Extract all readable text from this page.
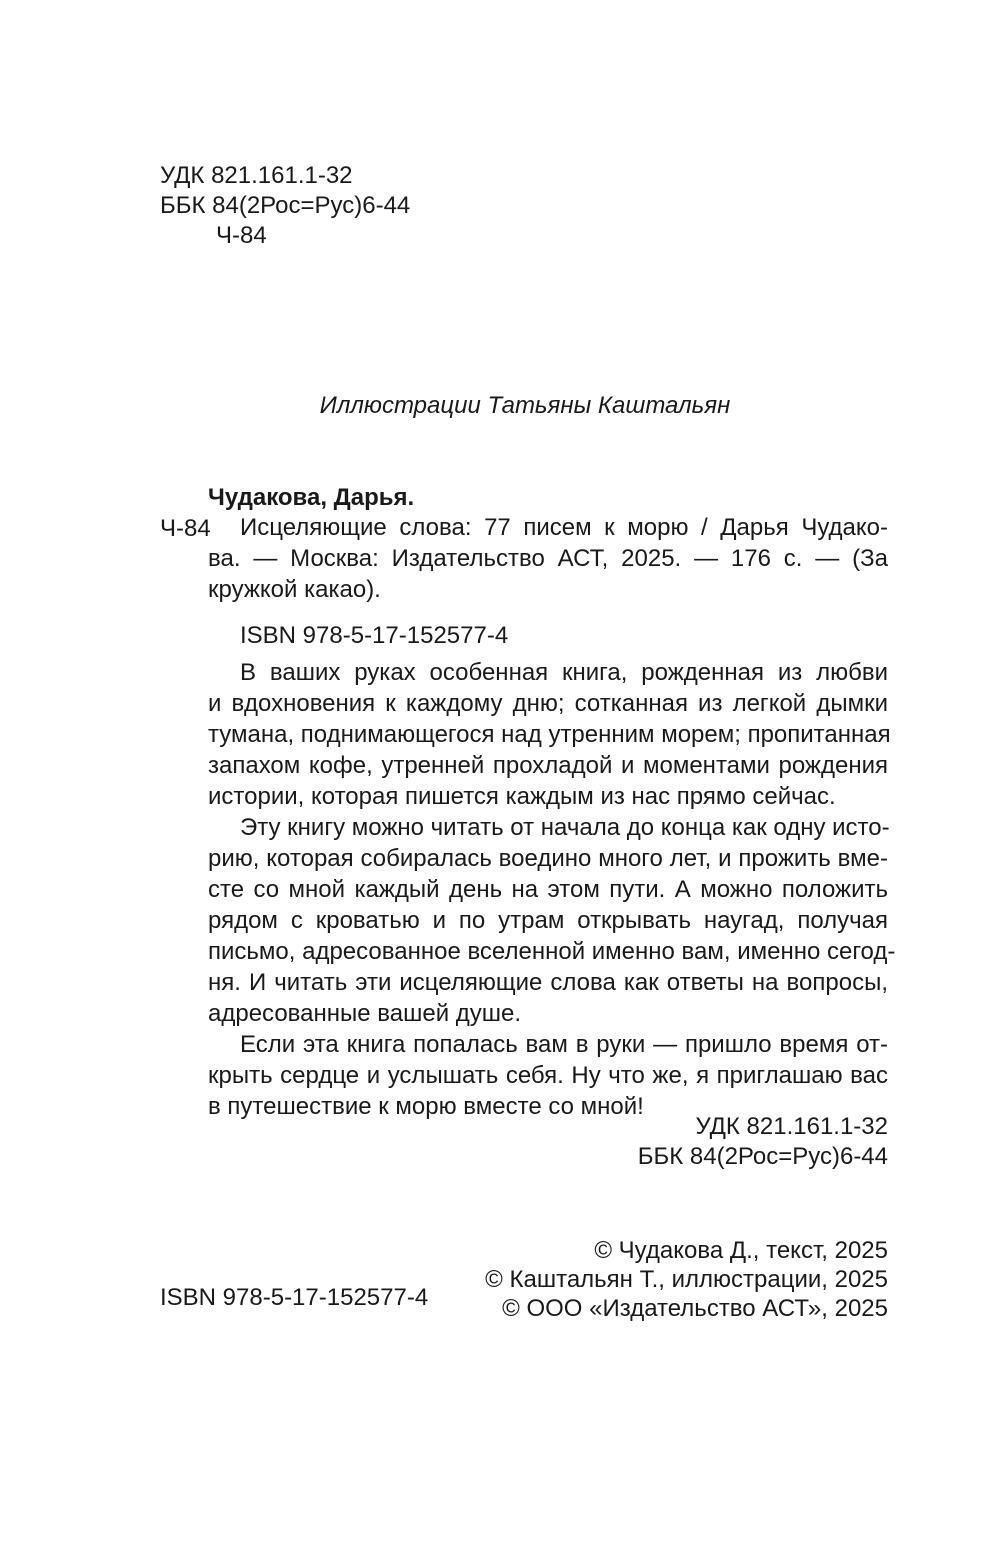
УДК 821.161.1-32
ББК 84(2Рос=Рус)6-44
Ч-84
Иллюстрации Татьяны Каштальян
Чудакова, Дарья.
Ч-84	Исцеляющие слова: 77 писем к морю / Дарья Чудако-
ва. — Москва: Издательство АСТ, 2025. — 176 с. — (За
кружкой какао).
ISBN 978-5-17-152577-4
В ваших руках особенная книга, рожденная из любви
и вдохновения к каждому дню; сотканная из легкой дымки
тумана, поднимающегося над утренним морем; пропитанная
запахом кофе, утренней прохладой и моментами рождения
истории, которая пишется каждым из нас прямо сейчас.
Эту книгу можно читать от начала до конца как одну исто-
рию, которая собиралась воедино много лет, и прожить вме-
сте со мной каждый день на этом пути. А можно положить
рядом с кроватью и по утрам открывать наугад, получая
письмо, адресованное вселенной именно вам, именно сегод-
ня. И читать эти исцеляющие слова как ответы на вопросы,
адресованные вашей душе.
Если эта книга попалась вам в руки — пришло время от-
крыть сердце и услышать себя. Ну что же, я приглашаю вас
в путешествие к морю вместе со мной!
УДК 821.161.1-32
ББК 84(2Рос=Рус)6-44
© Чудакова Д., текст, 2025
© Каштальян Т., иллюстрации, 2025
© ООО «Издательство АСТ», 2025
ISBN 978-5-17-152577-4
